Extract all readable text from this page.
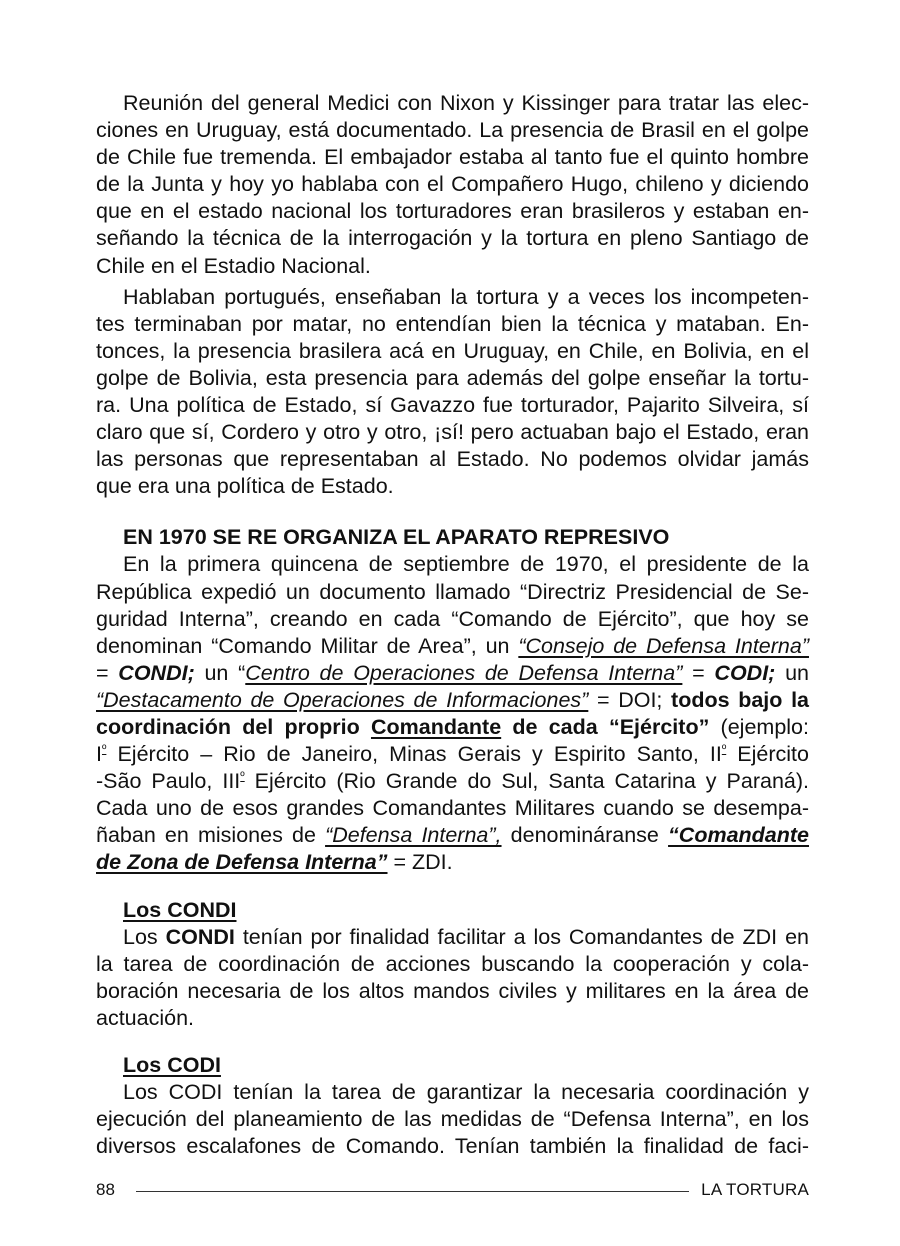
Reunión del general Medici con Nixon y Kissinger para tratar las elec-
ciones en Uruguay, está documentado. La presencia de Brasil en el golpe
de Chile fue tremenda. El embajador estaba al tanto fue el quinto hombre
de la Junta y hoy yo hablaba con el Compañero Hugo, chileno y diciendo
que en el estado nacional los torturadores eran brasileros y estaban en-
señando la técnica de la interrogación y la tortura en pleno Santiago de
Chile en el Estadio Nacional.

Hablaban portugués, enseñaban la tortura y a veces los incompeten-
tes terminaban por matar, no entendían bien la técnica y mataban. En-
tonces, la presencia brasilera acá en Uruguay, en Chile, en Bolivia, en el
golpe de Bolivia, esta presencia para además del golpe enseñar la tortu-
ra. Una política de Estado, sí Gavazzo fue torturador, Pajarito Silveira, sí
claro que sí, Cordero y otro y otro, ¡sí! pero actuaban bajo el Estado, eran
las personas que representaban al Estado. No podemos olvidar jamás
que era una política de Estado.

EN 1970 SE RE ORGANIZA EL APARATO REPRESIVO

En la primera quincena de septiembre de 1970, el presidente de la
República expedió un documento llamado “Directriz Presidencial de Se-
guridad Interna”, creando en cada “Comando de Ejército”, que hoy se
denominan “Comando Militar de Area”, un “Consejo de Defensa Interna”
= CONDI; un “Centro de Operaciones de Defensa Interna” = CODI; un
“Destacamento de Operaciones de Informaciones” = DOI; todos bajo la
coordinación del proprio Comandante de cada “Ejército” (ejemplo:
$I^º$ Ejército – Rio de Janeiro, Minas Gerais y Espirito Santo, $II^º$ Ejército
-São Paulo, $III^º$ Ejército (Rio Grande do Sul, Santa Catarina y Paraná).
Cada uno de esos grandes Comandantes Militares cuando se desempa-
ñaban en misiones de “Defensa Interna”, denomináranse “Comandante
de Zona de Defensa Interna” = ZDI.

Los CONDI

Los CONDI tenían por finalidad facilitar a los Comandantes de ZDI en
la tarea de coordinación de acciones buscando la cooperación y cola-
boración necesaria de los altos mandos civiles y militares en la área de
actuación.

Los CODI

Los CODI tenían la tarea de garantizar la necesaria coordinación y
ejecución del planeamiento de las medidas de “Defensa Interna”, en los
diversos escalafones de Comando. Tenían también la finalidad de faci-

88	LA TORTURA
